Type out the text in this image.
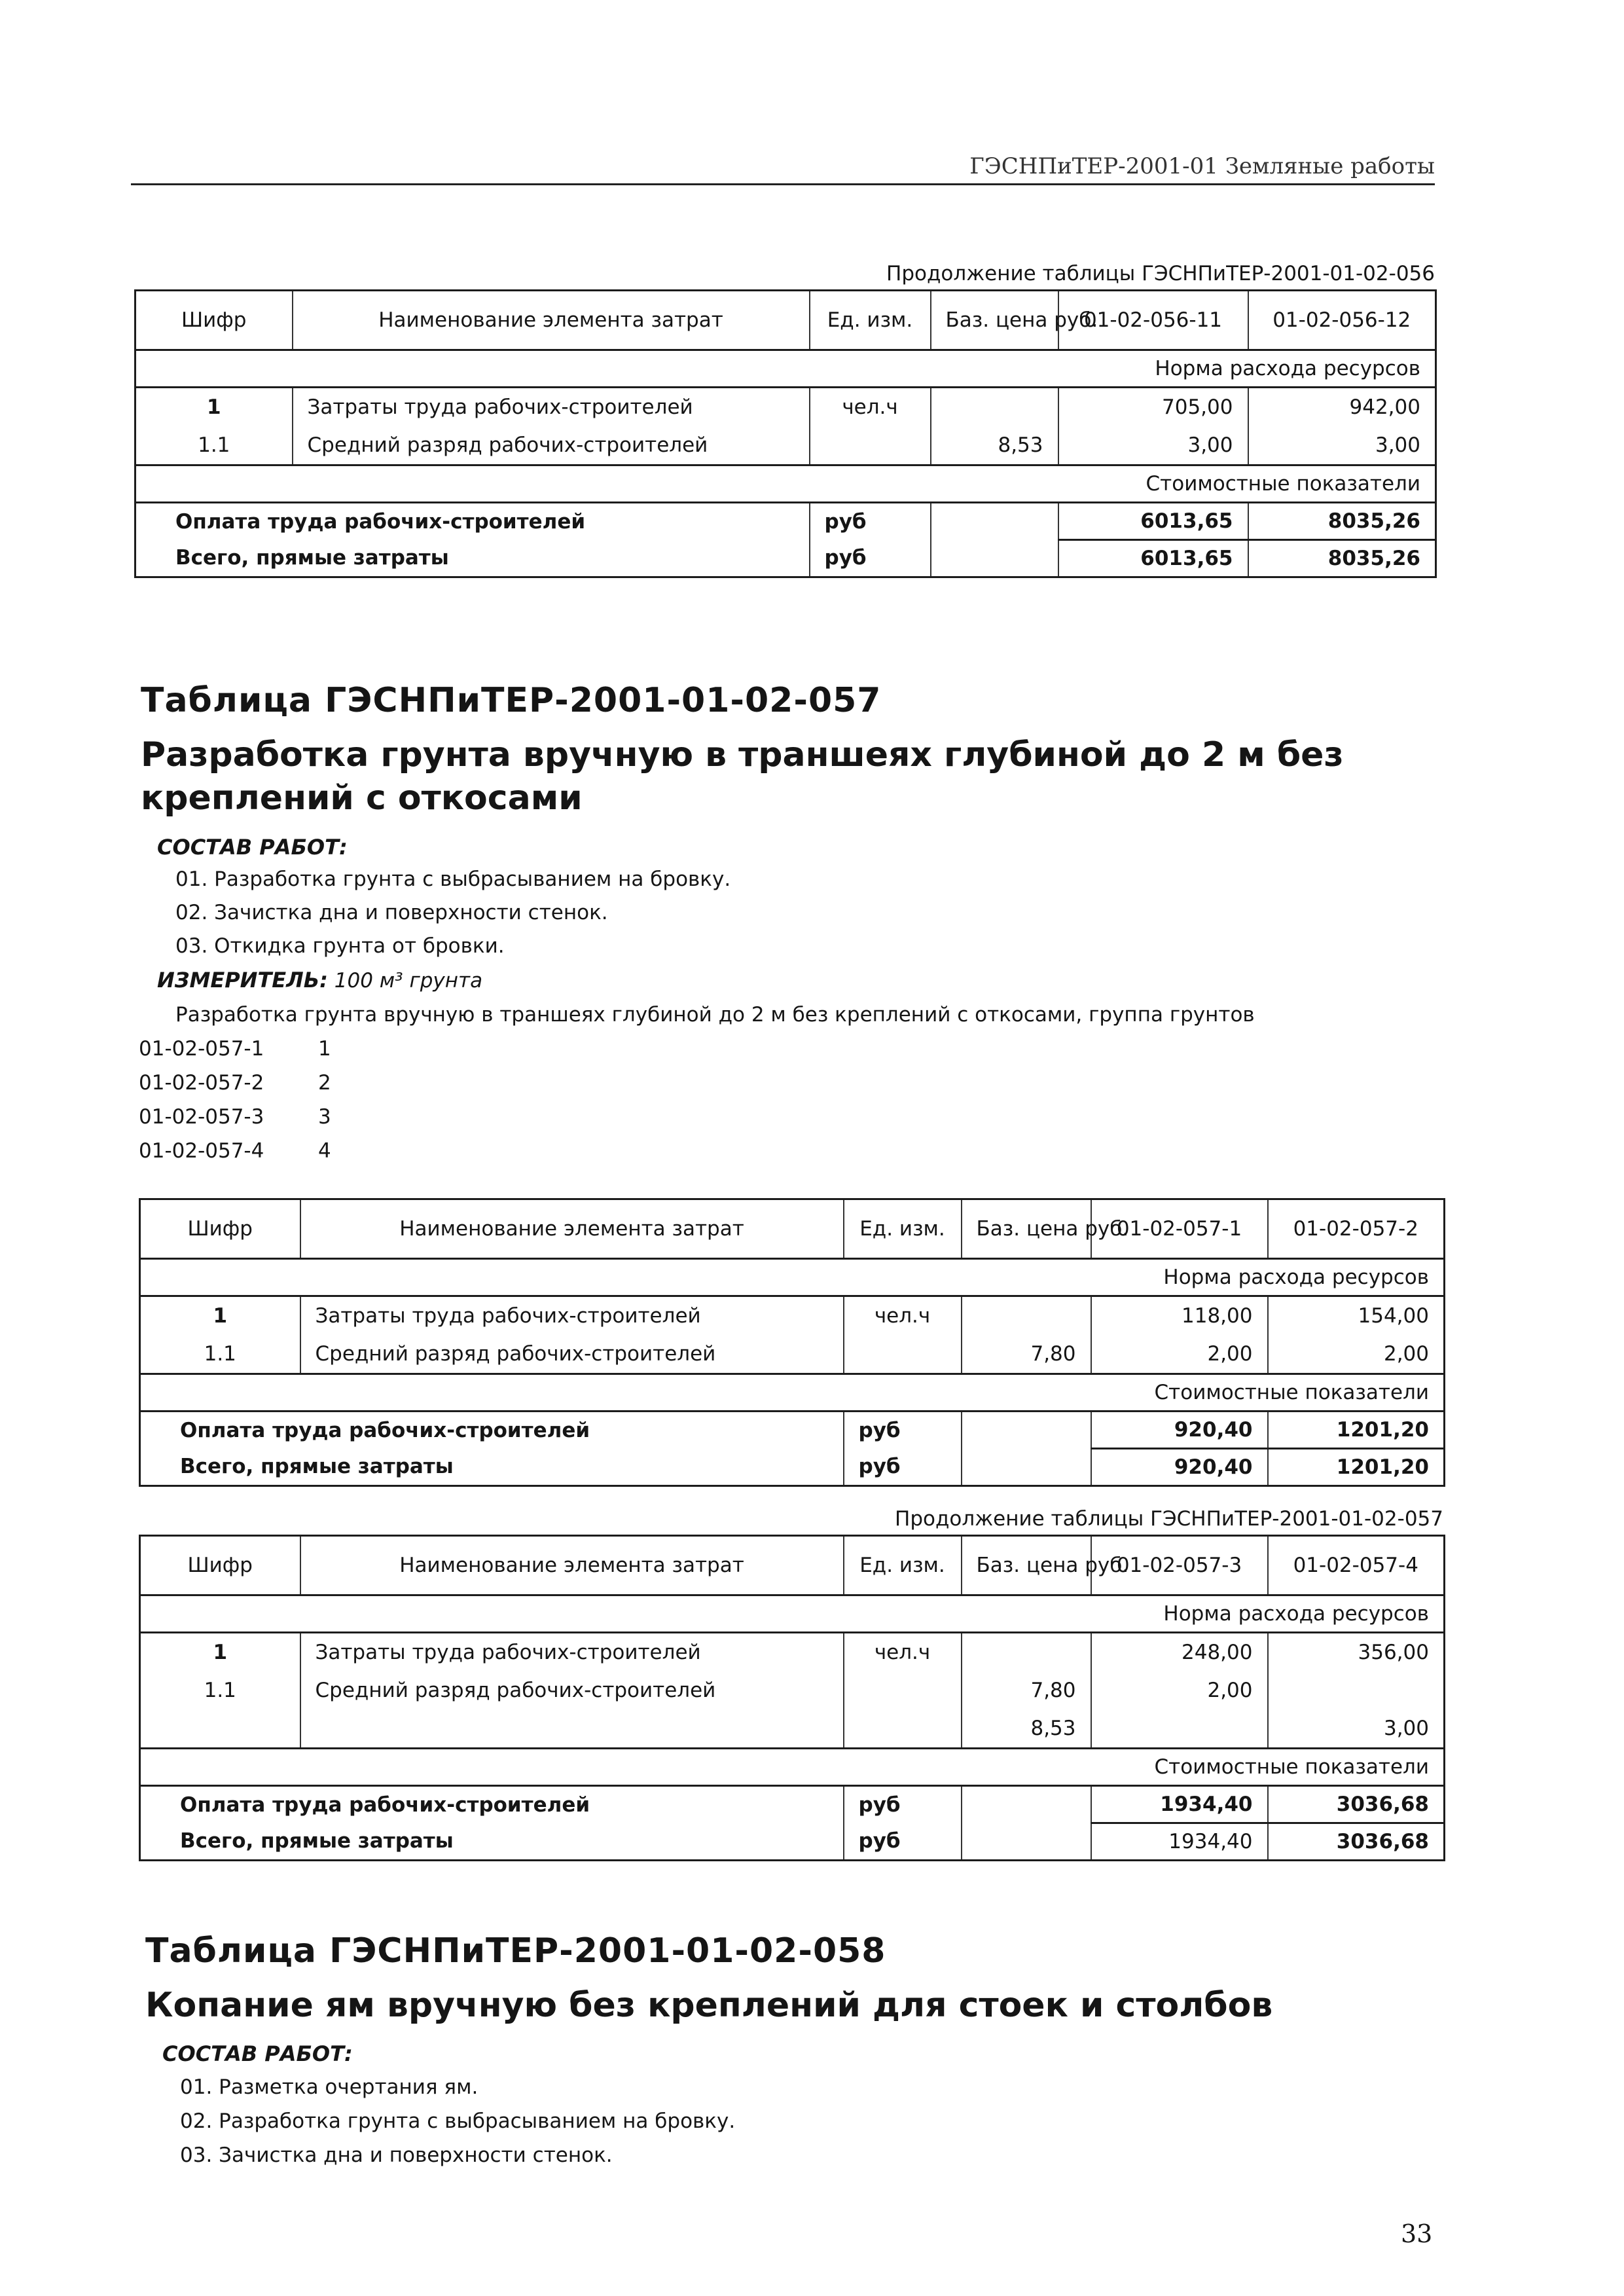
ГЭСНПиТЕР-2001-01 Земляные работы
Продолжение таблицы ГЭСНПиТЕР-2001-01-02-056
Шифр	Наименование элемента затрат	Ед. изм.	Баз. цена руб.	01-02-056-11	01-02-056-12
Норма расхода ресурсов					
1	Затраты труда рабочих-строителей	чел.ч		705,00	942,00
1.1	Средний разряд рабочих-строителей		8,53	3,00	3,00
Стоимостные показатели					
Оплата труда рабочих-строителей		руб		6013,65	8035,26
Всего, прямые затраты		руб		6013,65	8035,26
Таблица ГЭСНПиТЕР-2001-01-02-057
Разработка грунта вручную в траншеях глубиной до 2 м без креплений с откосами
СОСТАВ РАБОТ:
01. Разработка грунта с выбрасыванием на бровку.
02. Зачистка дна и поверхности стенок.
03. Откидка грунта от бровки.
ИЗМЕРИТЕЛЬ: 100 м³ грунта
Разработка грунта вручную в траншеях глубиной до 2 м без креплений с откосами, группа грунтов
01-02-057-1	1
01-02-057-2	2
01-02-057-3	3
01-02-057-4	4
Шифр	Наименование элемента затрат	Ед. изм.	Баз. цена руб.	01-02-057-1	01-02-057-2
Норма расхода ресурсов					
1	Затраты труда рабочих-строителей	чел.ч		118,00	154,00
1.1	Средний разряд рабочих-строителей		7,80	2,00	2,00
Стоимостные показатели					
Оплата труда рабочих-строителей		руб		920,40	1201,20
Всего, прямые затраты		руб		920,40	1201,20
Продолжение таблицы ГЭСНПиТЕР-2001-01-02-057
Шифр	Наименование элемента затрат	Ед. изм.	Баз. цена руб.	01-02-057-3	01-02-057-4
Норма расхода ресурсов					
1	Затраты труда рабочих-строителей	чел.ч		248,00	356,00
1.1	Средний разряд рабочих-строителей		7,80	2,00	
			8,53		3,00
Стоимостные показатели					
Оплата труда рабочих-строителей		руб		1934,40	3036,68
Всего, прямые затраты		руб		1934,40	3036,68
Таблица ГЭСНПиТЕР-2001-01-02-058
Копание ям вручную без креплений для стоек и столбов
СОСТАВ РАБОТ:
01. Разметка очертания ям.
02. Разработка грунта с выбрасыванием на бровку.
03. Зачистка дна и поверхности стенок.
33
